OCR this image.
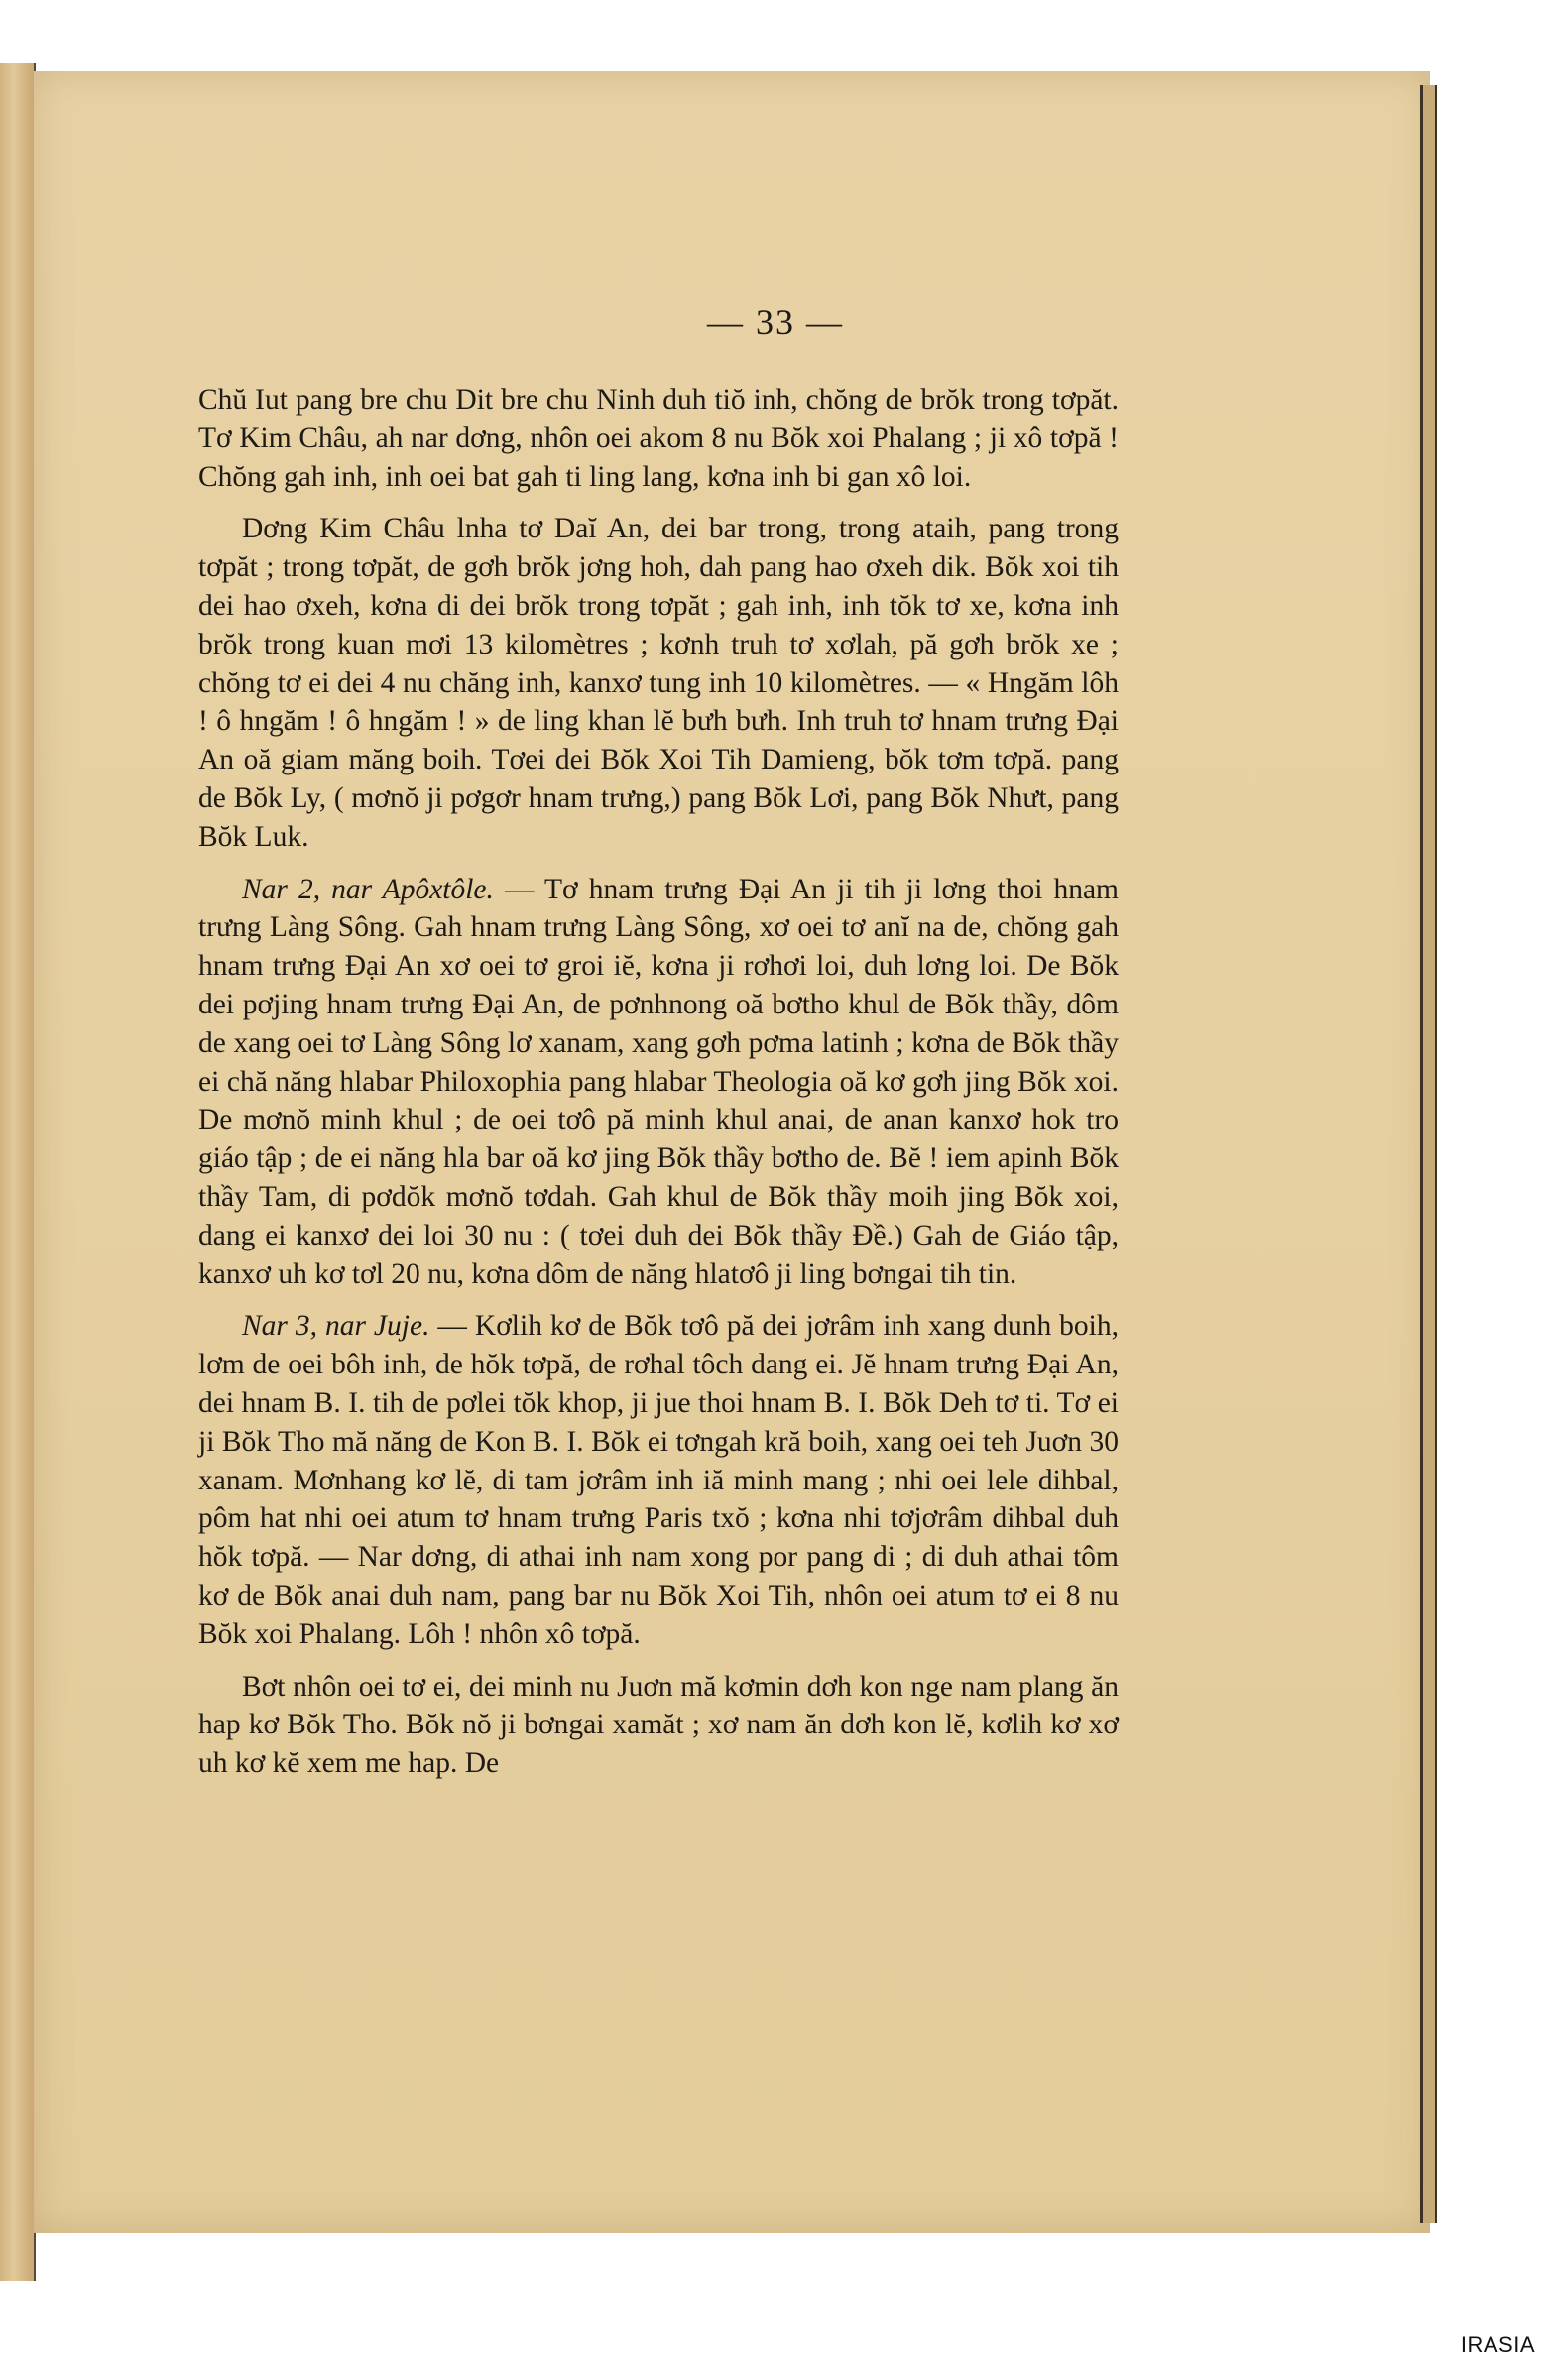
— 33 —

Chŭ Iut pang bre chu Dit bre chu Ninh duh tiŏ inh, chŏng de brŏk trong tơpăt. Tơ Kim Châu, ah nar dơng, nhôn oei akom 8 nu Bŏk xoi Phalang ; ji xô tơpă ! Chŏng gah inh, inh oei bat gah ti ling lang, kơna inh bi gan xô loi.

Dơng Kim Châu lnha tơ Daĭ An, dei bar trong, trong ataih, pang trong tơpăt ; trong tơpăt, de gơh brŏk jơng hoh, dah pang hao ơxeh dik. Bŏk xoi tih dei hao ơxeh, kơna di dei brŏk trong tơpăt ; gah inh, inh tŏk tơ xe, kơna inh brŏk trong kuan mơi 13 kilomètres ; kơnh truh tơ xơlah, pă gơh brŏk xe ; chŏng tơ ei dei 4 nu chăng inh, kanxơ tung inh 10 kilomètres. — « Hngăm lôh ! ô hngăm ! ô hngăm ! » de ling khan lĕ bưh bưh. Inh truh tơ hnam trưng Đại An oă giam măng boih. Tơei dei Bŏk Xoi Tih Damieng, bŏk tơm tơpă. pang de Bŏk Ly, ( mơnŏ ji pơgơr hnam trưng,) pang Bŏk Lơi, pang Bŏk Nhưt, pang Bŏk Luk.

Nar 2, nar Apôxtôle. — Tơ hnam trưng Đại An ji tih ji lơng thoi hnam trưng Làng Sông. Gah hnam trưng Làng Sông, xơ oei tơ anĭ na de, chŏng gah hnam trưng Đại An xơ oei tơ groi iĕ, kơna ji rơhơi loi, duh lơng loi. De Bŏk dei pơjing hnam trưng Đại An, de pơnhnong oă bơtho khul de Bŏk thầy, dôm de xang oei tơ Làng Sông lơ xanam, xang gơh pơma latinh ; kơna de Bŏk thầy ei chă năng hlabar Philoxophia pang hlabar Theologia oă kơ gơh jing Bŏk xoi. De mơnŏ minh khul ; de oei tơô pă minh khul anai, de anan kanxơ hok tro giáo tập ; de ei năng hla bar oă kơ jing Bŏk thầy bơtho de. Bĕ ! iem apinh Bŏk thầy Tam, di pơdŏk mơnŏ tơdah. Gah khul de Bŏk thầy moih jing Bŏk xoi, dang ei kanxơ dei loi 30 nu : ( tơei duh dei Bŏk thầy Đề.) Gah de Giáo tập, kanxơ uh kơ tơl 20 nu, kơna dôm de năng hlatơô ji ling bơngai tih tin.

Nar 3, nar Juje. — Kơlih kơ de Bŏk tơô pă dei jơrâm inh xang dunh boih, lơm de oei bôh inh, de hŏk tơpă, de rơhal tôch dang ei. Jĕ hnam trưng Đại An, dei hnam B. I. tih de pơlei tŏk khop, ji jue thoi hnam B. I. Bŏk Deh tơ ti. Tơ ei ji Bŏk Tho mă năng de Kon B. I. Bŏk ei tơngah kră boih, xang oei teh Juơn 30 xanam. Mơnhang kơ lĕ, di tam jơrâm inh iă minh mang ; nhi oei lele dihbal, pôm hat nhi oei atum tơ hnam trưng Paris txŏ ; kơna nhi tơjơrâm dihbal duh hŏk tơpă. — Nar dơng, di athai inh nam xong por pang di ; di duh athai tôm kơ de Bŏk anai duh nam, pang bar nu Bŏk Xoi Tih, nhôn oei atum tơ ei 8 nu Bŏk xoi Phalang. Lôh ! nhôn xô tơpă.

Bơt nhôn oei tơ ei, dei minh nu Juơn mă kơmin dơh kon nge nam plang ăn hap kơ Bŏk Tho. Bŏk nŏ ji bơngai xamăt ; xơ nam ăn dơh kon lĕ, kơlih kơ xơ uh kơ kĕ xem me hap. De

IRASIA
